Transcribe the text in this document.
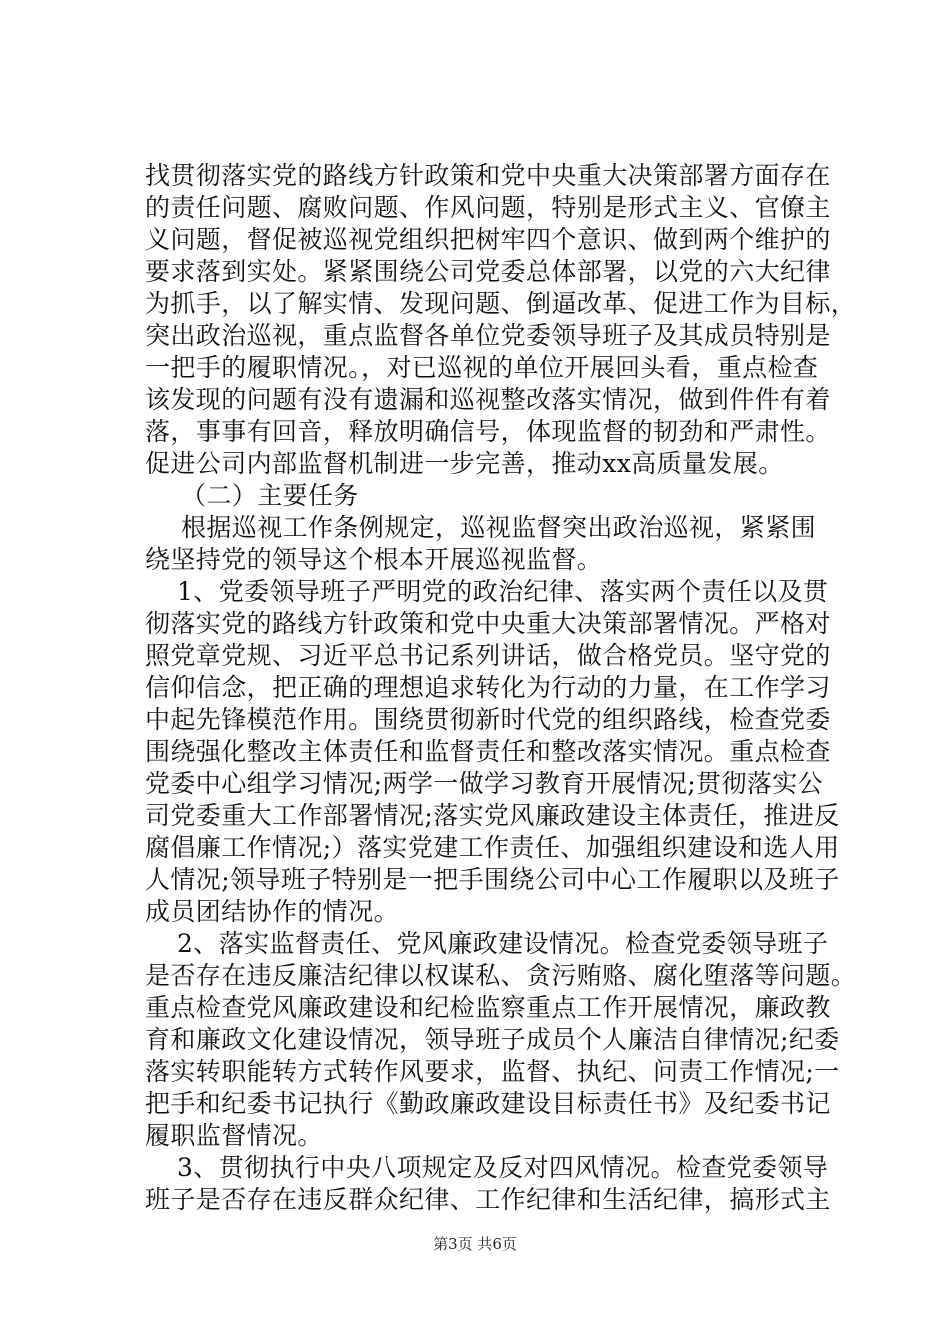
找贯彻落实党的路线方针政策和党中央重大决策部署方面存在
的责任问题、腐败问题、作风问题，特别是形式主义、官僚主
义问题，督促被巡视党组织把树牢四个意识、做到两个维护的
要求落到实处。紧紧围绕公司党委总体部署，以党的六大纪律
为抓手，以了解实情、发现问题、倒逼改革、促进工作为目标，
突出政治巡视，重点监督各单位党委领导班子及其成员特别是
一把手的履职情况。，对已巡视的单位开展回头看，重点检查
该发现的问题有没有遗漏和巡视整改落实情况，做到件件有着
落，事事有回音，释放明确信号，体现监督的韧劲和严肃性。
促进公司内部监督机制进一步完善，推动xx高质量发展。
（二）主要任务
根据巡视工作条例规定，巡视监督突出政治巡视，紧紧围
绕坚持党的领导这个根本开展巡视监督。
1、党委领导班子严明党的政治纪律、落实两个责任以及贯
彻落实党的路线方针政策和党中央重大决策部署情况。严格对
照党章党规、习近平总书记系列讲话，做合格党员。坚守党的
信仰信念，把正确的理想追求转化为行动的力量，在工作学习
中起先锋模范作用。围绕贯彻新时代党的组织路线，检查党委
围绕强化整改主体责任和监督责任和整改落实情况。重点检查
党委中心组学习情况;两学一做学习教育开展情况;贯彻落实公
司党委重大工作部署情况;落实党风廉政建设主体责任，推进反
腐倡廉工作情况;）落实党建工作责任、加强组织建设和选人用
人情况;领导班子特别是一把手围绕公司中心工作履职以及班子
成员团结协作的情况。
2、落实监督责任、党风廉政建设情况。检查党委领导班子
是否存在违反廉洁纪律以权谋私、贪污贿赂、腐化堕落等问题。
重点检查党风廉政建设和纪检监察重点工作开展情况，廉政教
育和廉政文化建设情况，领导班子成员个人廉洁自律情况;纪委
落实转职能转方式转作风要求，监督、执纪、问责工作情况;一
把手和纪委书记执行《勤政廉政建设目标责任书》及纪委书记
履职监督情况。
3、贯彻执行中央八项规定及反对四风情况。检查党委领导
班子是否存在违反群众纪律、工作纪律和生活纪律，搞形式主
第3页 共6页
